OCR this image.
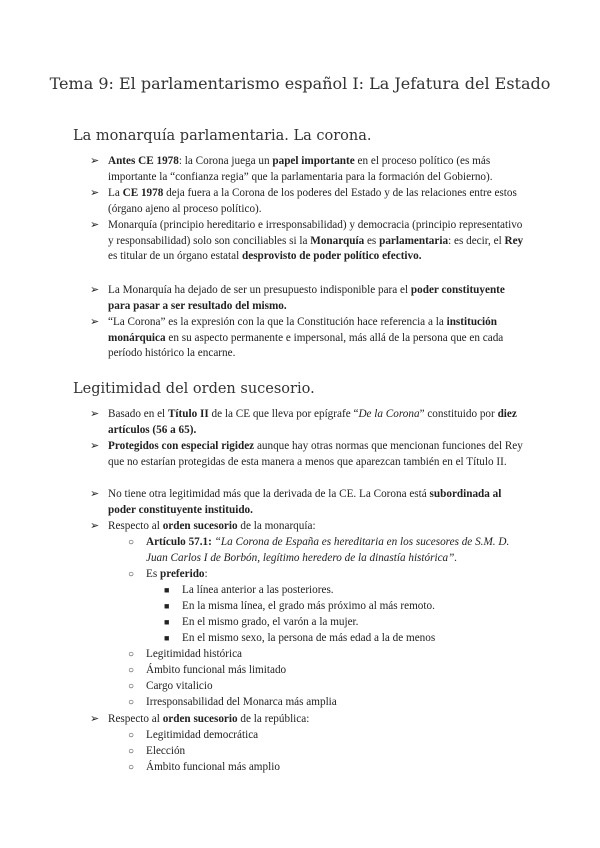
Tema 9: El parlamentarismo español I: La Jefatura del Estado
La monarquía parlamentaria. La corona.
➢ Antes CE 1978: la Corona juega un papel importante en el proceso político (es más importante la “confianza regia” que la parlamentaria para la formación del Gobierno).
➢ La CE 1978 deja fuera a la Corona de los poderes del Estado y de las relaciones entre estos (órgano ajeno al proceso político).
➢ Monarquía (principio hereditario e irresponsabilidad) y democracia (principio representativo y responsabilidad) solo son conciliables si la Monarquía es parlamentaria: es decir, el Rey es titular de un órgano estatal desprovisto de poder político efectivo.
➢ La Monarquía ha dejado de ser un presupuesto indisponible para el poder constituyente para pasar a ser resultado del mismo.
➢ “La Corona” es la expresión con la que la Constitución hace referencia a la institución monárquica en su aspecto permanente e impersonal, más allá de la persona que en cada período histórico la encarne.
Legitimidad del orden sucesorio.
➢ Basado en el Título II de la CE que lleva por epígrafe “De la Corona” constituido por diez artículos (56 a 65).
➢ Protegidos con especial rigidez aunque hay otras normas que mencionan funciones del Rey que no estarían protegidas de esta manera a menos que aparezcan también en el Título II.
➢ No tiene otra legitimidad más que la derivada de la CE. La Corona está subordinada al poder constituyente instituido.
➢ Respecto al orden sucesorio de la monarquía:
○ Artículo 57.1: “La Corona de España es hereditaria en los sucesores de S.M. D. Juan Carlos I de Borbón, legítimo heredero de la dinastía histórica”.
○ Es preferido:
■ La línea anterior a las posteriores.
■ En la misma línea, el grado más próximo al más remoto.
■ En el mismo grado, el varón a la mujer.
■ En el mismo sexo, la persona de más edad a la de menos
○ Legitimidad histórica
○ Ámbito funcional más limitado
○ Cargo vitalicio
○ Irresponsabilidad del Monarca más amplia
➢ Respecto al orden sucesorio de la república:
○ Legitimidad democrática
○ Elección
○ Ámbito funcional más amplio
